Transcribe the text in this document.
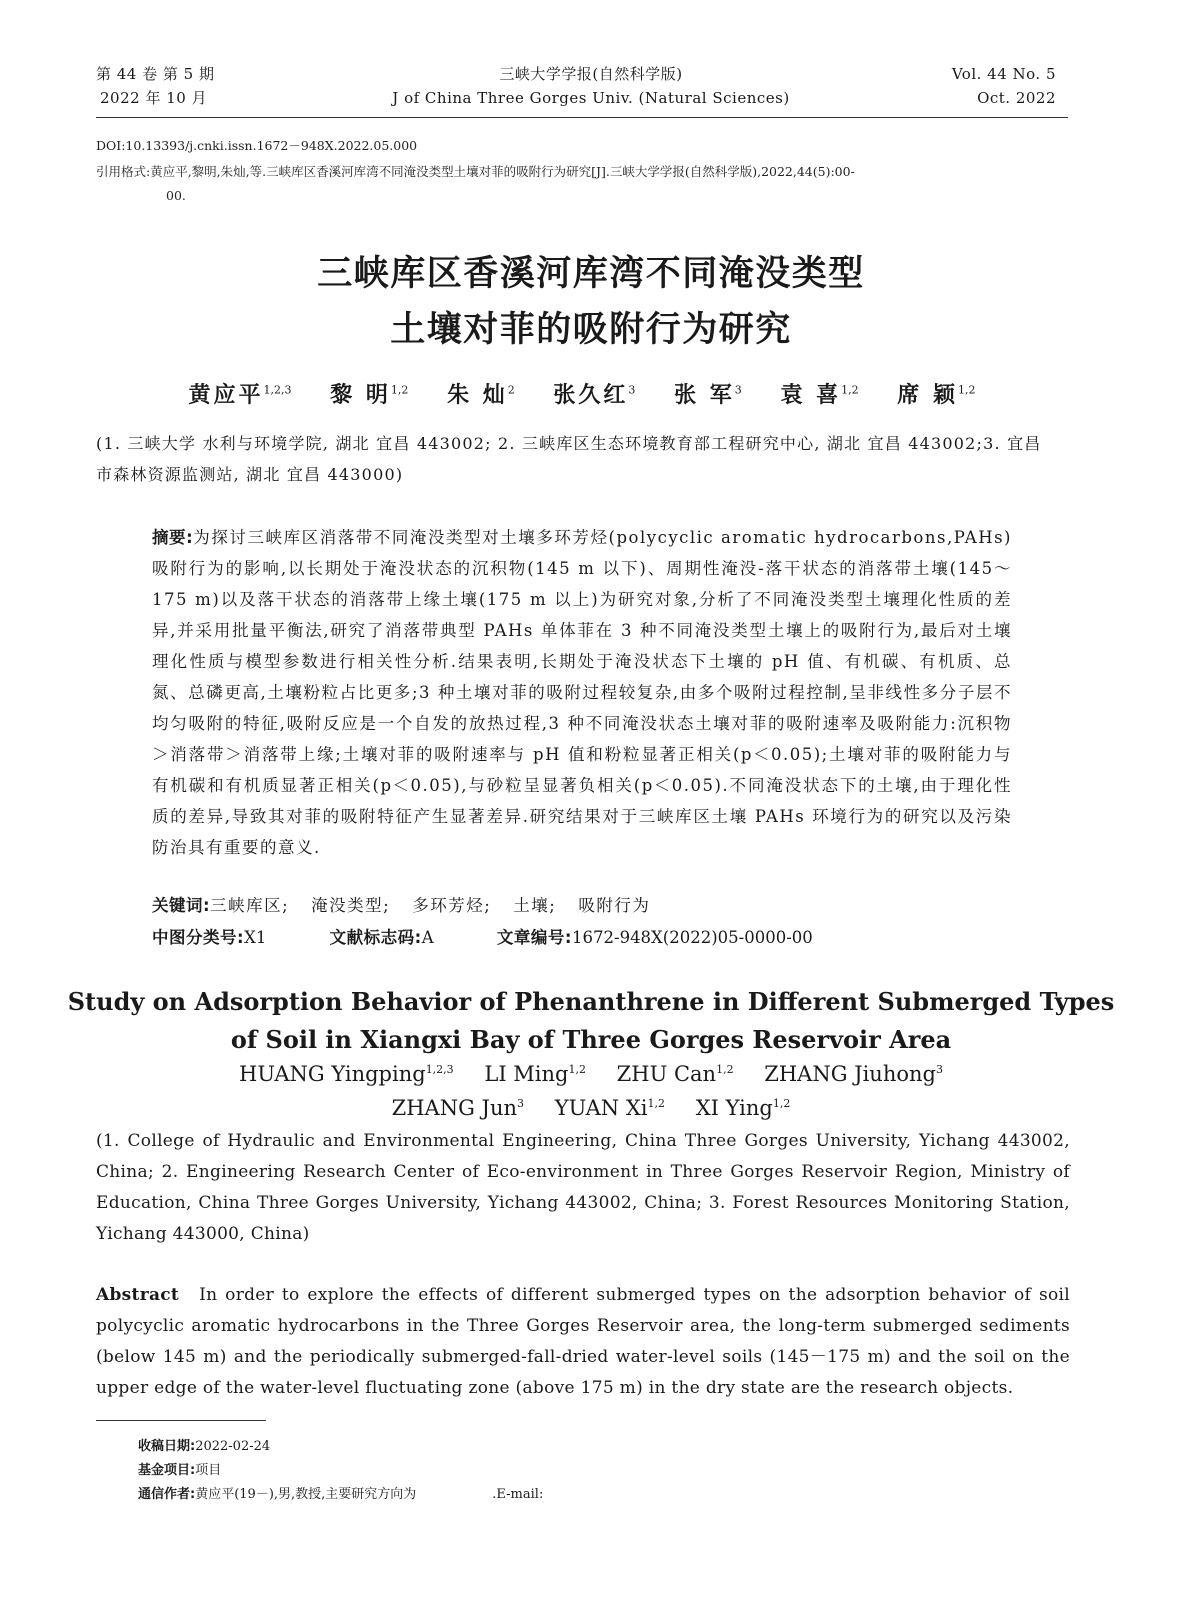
第 44 卷 第 5 期
2022 年 10 月
三峡大学学报(自然科学版)
J of China Three Gorges Univ. (Natural Sciences)
Vol. 44 No. 5
Oct. 2022
DOI:10.13393/j.cnki.issn.1672－948X.2022.05.000
引用格式:黄应平,黎明,朱灿,等.三峡库区香溪河库湾不同淹没类型土壤对菲的吸附行为研究[J].三峡大学学报(自然科学版),2022,44(5):00-
00.
三峡库区香溪河库湾不同淹没类型
土壤对菲的吸附行为研究
黄应平$^{1,2,3}$ 黎 明$^{1,2}$ 朱 灿$^2$ 张久红$^3$ 张 军$^3$ 袁 喜$^{1,2}$ 席 颖$^{1,2}$
(1. 三峡大学 水利与环境学院, 湖北 宜昌 443002; 2. 三峡库区生态环境教育部工程研究中心, 湖北 宜昌 443002;3. 宜昌市森林资源监测站, 湖北 宜昌 443000)
摘要:为探讨三峡库区消落带不同淹没类型对土壤多环芳烃(polycyclic aromatic hydrocarbons,PAHs)吸附行为的影响,以长期处于淹没状态的沉积物(145 m 以下)、周期性淹没-落干状态的消落带土壤(145～175 m)以及落干状态的消落带上缘土壤(175 m 以上)为研究对象,分析了不同淹没类型土壤理化性质的差异,并采用批量平衡法,研究了消落带典型 PAHs 单体菲在 3 种不同淹没类型土壤上的吸附行为,最后对土壤理化性质与模型参数进行相关性分析.结果表明,长期处于淹没状态下土壤的 pH 值、有机碳、有机质、总氮、总磷更高,土壤粉粒占比更多;3 种土壤对菲的吸附过程较复杂,由多个吸附过程控制,呈非线性多分子层不均匀吸附的特征,吸附反应是一个自发的放热过程,3 种不同淹没状态土壤对菲的吸附速率及吸附能力:沉积物＞消落带＞消落带上缘;土壤对菲的吸附速率与 pH 值和粉粒显著正相关(p＜0.05);土壤对菲的吸附能力与有机碳和有机质显著正相关(p＜0.05),与砂粒呈显著负相关(p＜0.05).不同淹没状态下的土壤,由于理化性质的差异,导致其对菲的吸附特征产生显著差异.研究结果对于三峡库区土壤 PAHs 环境行为的研究以及污染防治具有重要的意义.
关键词:三峡库区; 淹没类型; 多环芳烃; 土壤; 吸附行为
中图分类号:X1	文献标志码:A	文章编号:1672-948X(2022)05-0000-00
Study on Adsorption Behavior of Phenanthrene in Different Submerged Types
of Soil in Xiangxi Bay of Three Gorges Reservoir Area
HUANG Yingping$^{1,2,3}$ LI Ming$^{1,2}$ ZHU Can$^{1,2}$ ZHANG Jiuhong$^3$
ZHANG Jun$^3$ YUAN Xi$^{1,2}$ XI Ying$^{1,2}$
(1. College of Hydraulic and Environmental Engineering, China Three Gorges University, Yichang 443002, China; 2. Engineering Research Center of Eco-environment in Three Gorges Reservoir Region, Ministry of Education, China Three Gorges University, Yichang 443002, China; 3. Forest Resources Monitoring Station, Yichang 443000, China)
Abstract In order to explore the effects of different submerged types on the adsorption behavior of soil polycyclic aromatic hydrocarbons in the Three Gorges Reservoir area, the long-term submerged sediments (below 145 m) and the periodically submerged-fall-dried water-level soils (145－175 m) and the soil on the upper edge of the water-level fluctuating zone (above 175 m) in the dry state are the research objects.
收稿日期:2022-02-24
基金项目:项目
通信作者:黄应平(19－),男,教授,主要研究方向为	.E-mail:
